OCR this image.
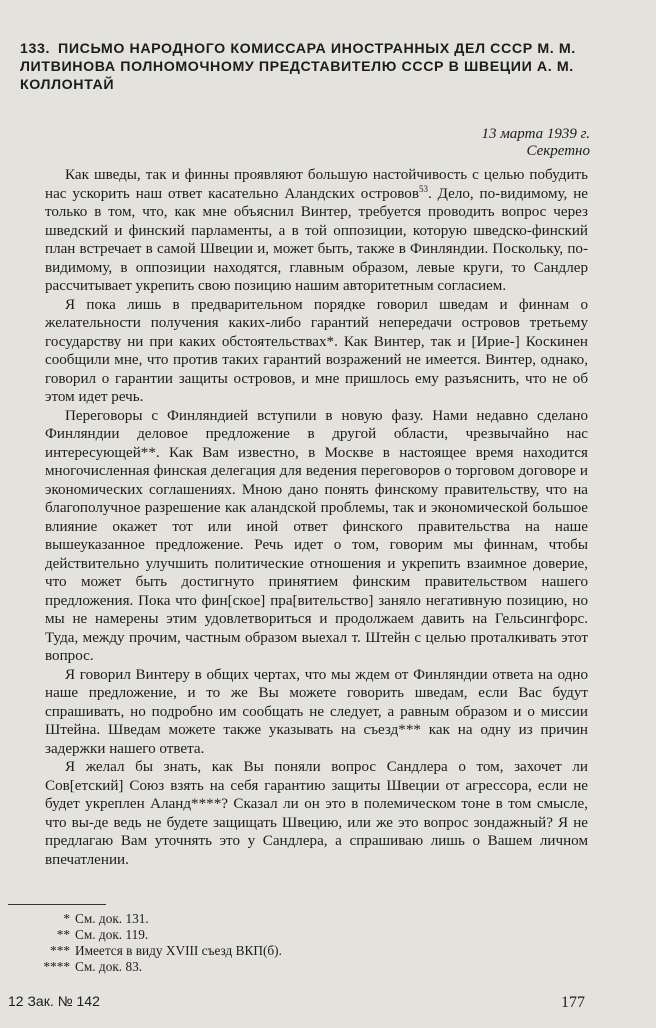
133. ПИСЬМО НАРОДНОГО КОМИССАРА ИНОСТРАННЫХ ДЕЛ СССР М. М. ЛИТВИНОВА ПОЛНОМОЧНОМУ ПРЕДСТАВИТЕЛЮ СССР В ШВЕЦИИ А. М. КОЛЛОНТАЙ
13 марта 1939 г.
Секретно

Как шведы, так и финны проявляют большую настойчивость с целью побудить нас ускорить наш ответ касательно Аландских островов$^{53}$. Дело, по-видимому, не только в том, что, как мне объяснил Винтер, требуется проводить вопрос через шведский и финский парламенты, а в той оппозиции, которую шведско-финский план встречает в самой Швеции и, может быть, также в Финляндии. Поскольку, по-видимому, в оппозиции находятся, главным образом, левые круги, то Сандлер рассчитывает укрепить свою позицию нашим авторитетным согласием.

Я пока лишь в предварительном порядке говорил шведам и финнам о желательности получения каких-либо гарантий непередачи островов третьему государству ни при каких обстоятельствах*. Как Винтер, так и [Ирие-] Коскинен сообщили мне, что против таких гарантий возражений не имеется. Винтер, однако, говорил о гарантии защиты островов, и мне пришлось ему разъяснить, что не об этом идет речь.

Переговоры с Финляндией вступили в новую фазу. Нами недавно сделано Финляндии деловое предложение в другой области, чрезвычайно нас интересующей**. Как Вам известно, в Москве в настоящее время находится многочисленная финская делегация для ведения переговоров о торговом договоре и экономических соглашениях. Мною дано понять финскому правительству, что на благополучное разрешение как аландской проблемы, так и экономической большое влияние окажет тот или иной ответ финского правительства на наше вышеуказанное предложение. Речь идет о том, говорим мы финнам, чтобы действительно улучшить политические отношения и укрепить взаимное доверие, что может быть достигнуто принятием финским правительством нашего предложения. Пока что фин[ское] пра[вительство] заняло негативную позицию, но мы не намерены этим удовлетвориться и продолжаем давить на Гельсингфорс. Туда, между прочим, частным образом выехал т. Штейн с целью проталкивать этот вопрос.

Я говорил Винтеру в общих чертах, что мы ждем от Финляндии ответа на одно наше предложение, и то же Вы можете говорить шведам, если Вас будут спрашивать, но подробно им сообщать не следует, а равным образом и о миссии Штейна. Шведам можете также указывать на съезд*** как на одну из причин задержки нашего ответа.

Я желал бы знать, как Вы поняли вопрос Сандлера о том, захочет ли Сов[етский] Союз взять на себя гарантию защиты Швеции от агрессора, если не будет укреплен Аланд****? Сказал ли он это в полемическом тоне в том смысле, что вы-де ведь не будете защищать Швецию, или же это вопрос зондажный? Я не предлагаю Вам уточнять это у Сандлера, а спрашиваю лишь о Вашем личном впечатлении.

* См. док. 131.
** См. док. 119.
*** Имеется в виду XVIII съезд ВКП(б).
**** См. док. 83.
12 Зак. № 142	177
